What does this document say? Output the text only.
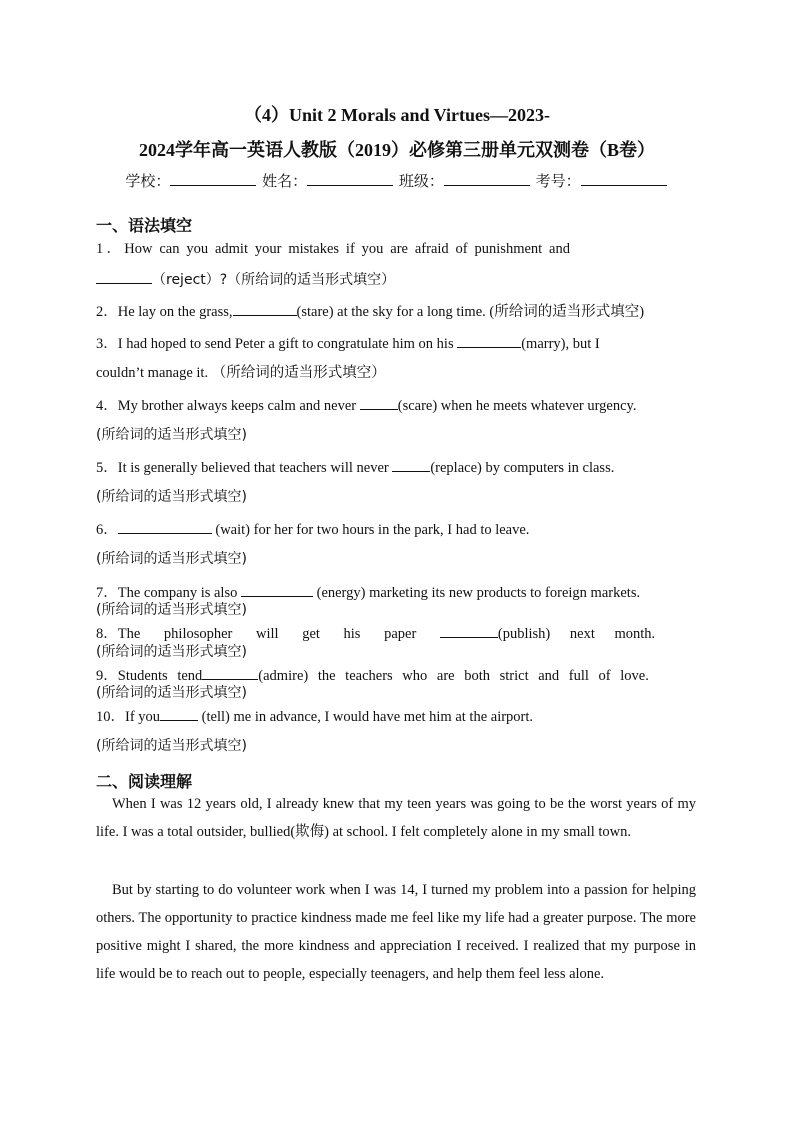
（4）Unit 2 Morals and Virtues—2023-
2024学年高一英语人教版（2019）必修第三册单元双测卷（B卷）
学校：	姓名：	班级：	考号：
一、语法填空
1．How can you admit your mistakes if you are afraid of punishment and
（reject）?（所给词的适当形式填空）
2．He lay on the grass,	(stare) at the sky for a long time. (所给词的适当形式填空)
3．I had hoped to send Peter a gift to congratulate him on his	(marry), but I
couldn’t manage it. （所给词的适当形式填空）
4．My brother always keeps calm and never	(scare) when he meets whatever urgency.
(所给词的适当形式填空)
5．It is generally believed that teachers will never	(replace) by computers in class.
(所给词的适当形式填空)
6．	(wait) for her for two hours in the park, I had to leave.
(所给词的适当形式填空)
7．The company is also	(energy) marketing its new products to foreign markets.
(所给词的适当形式填空)
8．The philosopher will get his paper	(publish) next month.
(所给词的适当形式填空)
9．Students tend	(admire) the teachers who are both strict and full of love.
(所给词的适当形式填空)
10．If you	(tell) me in advance, I would have met him at the airport.
(所给词的适当形式填空)
二、阅读理解
When I was 12 years old, I already knew that my teen years was going to be the worst years of my life. I was a total outsider, bullied(欺侮) at school. I felt completely alone in my small town.
But by starting to do volunteer work when I was 14, I turned my problem into a passion for helping others. The opportunity to practice kindness made me feel like my life had a greater purpose. The more positive might I shared, the more kindness and appreciation I received. I realized that my purpose in life would be to reach out to people, especially teenagers, and help them feel less alone.
